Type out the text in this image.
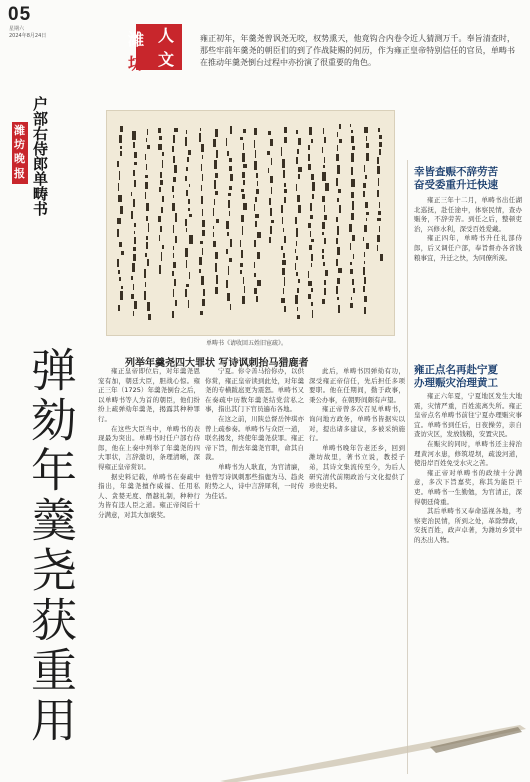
05
星期六
2024年8月24日	潍 人
坊 文
雍正初年，年羹尧曾讽尧无咬，权势熏天，他竟钩合内卷令近人猜测万千。奉旨清查时，那些牢前年羹尧的朝臣们的到了作战陡赐的何历，作为雍正皇帝特别信任的官员，单畴书在推动年羹尧倒台过程中亦扮演了很重要的角色。
潍
坊
晚
报 户部右侍郎单畴书
弹劾年羹尧获重用
单畴书《请收回五姓旧宦疏》。
列举年羹尧四大罪状 写诗讽刺抬马猎鹿者

雍正皇帝即位后，对年羹尧恩宠有加，朝廷大臣，胆战心惊。雍正三年（1725）年羹尧倒台之后，以单畴书等人为首的朝臣，他们纷纷上疏弹劾年羹尧，揭露其种种罪行。

在这些大臣当中，单畴书的表现最为突出。单畴书时任户部右侍郎，他在上奏中列举了年羹尧的四大罪状，言辞激切，条理清晰，深得雍正皇帝赏识。

据史料记载，单畴书在奏疏中指出，年羹尧擅作威福、任用私人、贪婪无度、僭越礼制，种种行为皆有违人臣之道。雍正帝阅后十分满意，对其大加褒奖。

宁夏。你令善马拾你办，以供你赏，雍正皇帝读到此处，对年羹尧的专横跋扈更为震怒。单畴书又在奏疏中历数年羹尧结党营私之事，指出其门下官员遍布各地。

在这之前，川陕总督岳钟琪亦曾上疏参奏。单畴书与众臣一道，联名揭发，终使年羹尧获罪。雍正帝下旨，削去年羹尧官职，命其自裁。

单畴书为人耿直，为官清廉，他曾写诗讽刺那些指鹿为马、趋炎附势之人，诗中言辞犀利，一时传为佳话。

此后，单畴书因弹劾有功，深受雍正帝信任，先后担任多项要职。他在任期间，勤于政事，秉公办事，在朝野间颇有声望。

雍正帝曾多次召见单畴书，询问地方政务，单畴书皆据实以对，提出诸多建议，多被采纳施行。

单畴书晚年告老还乡，回到潍坊故里，著书立说，教授子弟，其诗文集流传至今，为后人研究清代前期政治与文化提供了珍贵史料。

幸皆查赈不辞劳苦
奋受委重升迁快速

雍正三年十二月，单畴书出任湖北巡抚，赴任途中，体察民情，查办赈务，不辞劳苦。到任之后，整顿吏治，兴修水利，深受百姓爱戴。

雍正四年，单畴书升任礼部侍郎，后又调任户部，奉旨督办各省钱粮事宜，升迁之快，为同僚所羡。

雍正点名再赴宁夏
办理赈灾治理黄工

雍正六年夏，宁夏地区发生大地震，灾情严重，百姓流离失所。雍正皇帝点名单畴书前往宁夏办理赈灾事宜。单畴书到任后，日夜操劳，亲自查访灾区，发放钱粮，安置灾民。

在赈灾的同时，单畴书还主持治理黄河水患，修筑堤坝，疏浚河道，使沿岸百姓免受水灾之苦。

雍正帝对单畴书的政绩十分满意，多次下旨嘉奖，称其为能臣干吏。单畴书一生勤勉，为官清正，深得朝廷倚重。

其后单畴书又奉命巡视各地，考察吏治民情，所到之处，革除弊政，安抚百姓，政声卓著，为潍坊乡贤中的杰出人物。
